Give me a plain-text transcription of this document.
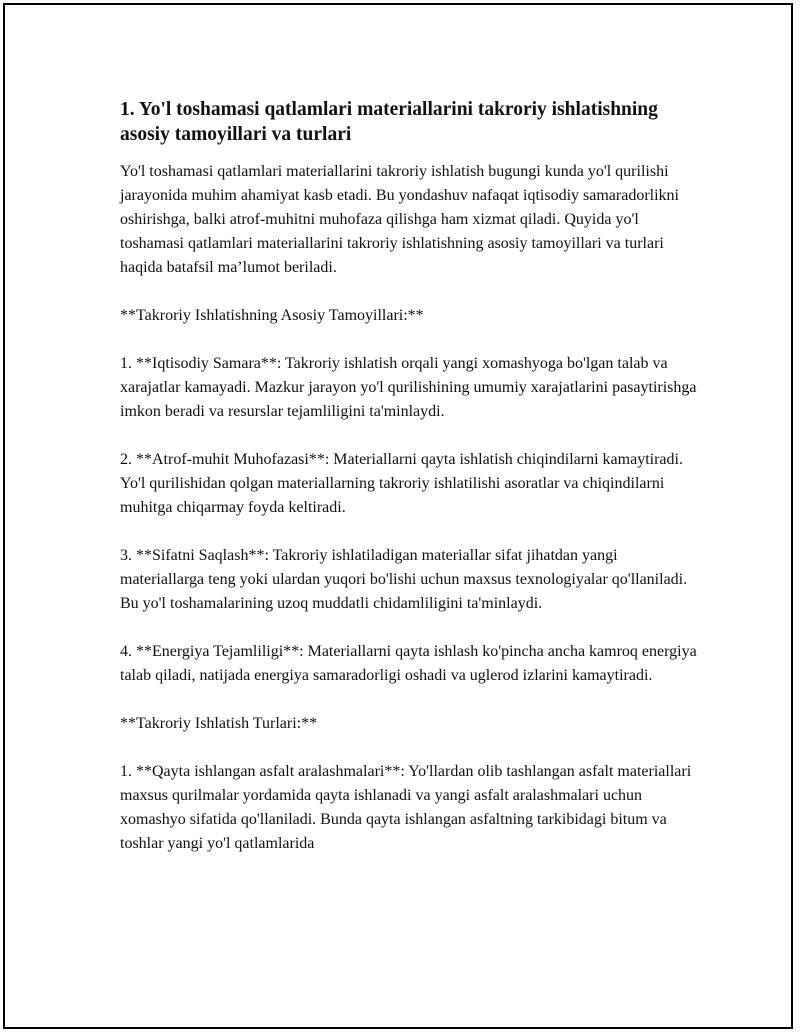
1. Yo'l toshamasi qatlamlari materiallarini takroriy ishlatishning asosiy tamoyillari va turlari

Yo'l toshamasi qatlamlari materiallarini takroriy ishlatish bugungi kunda yo'l qurilishi jarayonida muhim ahamiyat kasb etadi. Bu yondashuv nafaqat iqtisodiy samaradorlikni oshirishga, balki atrof-muhitni muhofaza qilishga ham xizmat qiladi. Quyida yo'l toshamasi qatlamlari materiallarini takroriy ishlatishning asosiy tamoyillari va turlari haqida batafsil ma’lumot beriladi.

**Takroriy Ishlatishning Asosiy Tamoyillari:**

1. **Iqtisodiy Samara**: Takroriy ishlatish orqali yangi xomashyoga bo'lgan talab va xarajatlar kamayadi. Mazkur jarayon yo'l qurilishining umumiy xarajatlarini pasaytirishga imkon beradi va resurslar tejamliligini ta'minlaydi.

2. **Atrof-muhit Muhofazasi**: Materiallarni qayta ishlatish chiqindilarni kamaytiradi. Yo'l qurilishidan qolgan materiallarning takroriy ishlatilishi asoratlar va chiqindilarni muhitga chiqarmay foyda keltiradi.

3. **Sifatni Saqlash**: Takroriy ishlatiladigan materiallar sifat jihatdan yangi materiallarga teng yoki ulardan yuqori bo'lishi uchun maxsus texnologiyalar qo'llaniladi. Bu yo'l toshamalarining uzoq muddatli chidamliligini ta'minlaydi.

4. **Energiya Tejamliligi**: Materiallarni qayta ishlash ko'pincha ancha kamroq energiya talab qiladi, natijada energiya samaradorligi oshadi va uglerod izlarini kamaytiradi.

**Takroriy Ishlatish Turlari:**

1. **Qayta ishlangan asfalt aralashmalari**: Yo'llardan olib tashlangan asfalt materiallari maxsus qurilmalar yordamida qayta ishlanadi va yangi asfalt aralashmalari uchun xomashyo sifatida qo'llaniladi. Bunda qayta ishlangan asfaltning tarkibidagi bitum va toshlar yangi yo'l qatlamlarida
